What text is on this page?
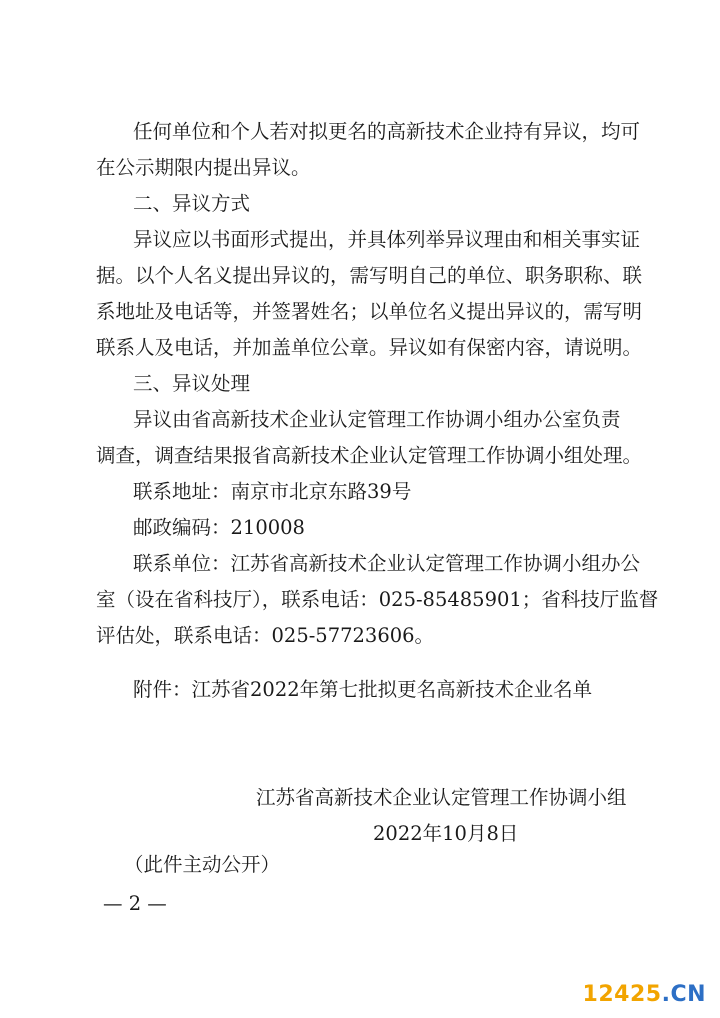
任何单位和个人若对拟更名的高新技术企业持有异议，均可
在公示期限内提出异议。
二、异议方式
异议应以书面形式提出，并具体列举异议理由和相关事实证
据。以个人名义提出异议的，需写明自己的单位、职务职称、联
系地址及电话等，并签署姓名；以单位名义提出异议的，需写明
联系人及电话，并加盖单位公章。异议如有保密内容，请说明。
三、异议处理
异议由省高新技术企业认定管理工作协调小组办公室负责
调查，调查结果报省高新技术企业认定管理工作协调小组处理。
联系地址：南京市北京东路39号
邮政编码：210008
联系单位：江苏省高新技术企业认定管理工作协调小组办公
室（设在省科技厅），联系电话：025-85485901；省科技厅监督
评估处，联系电话：025-57723606。
附件：江苏省2022年第七批拟更名高新技术企业名单
江苏省高新技术企业认定管理工作协调小组
2022年10月8日
（此件主动公开）
— 2 —
12425.CN
